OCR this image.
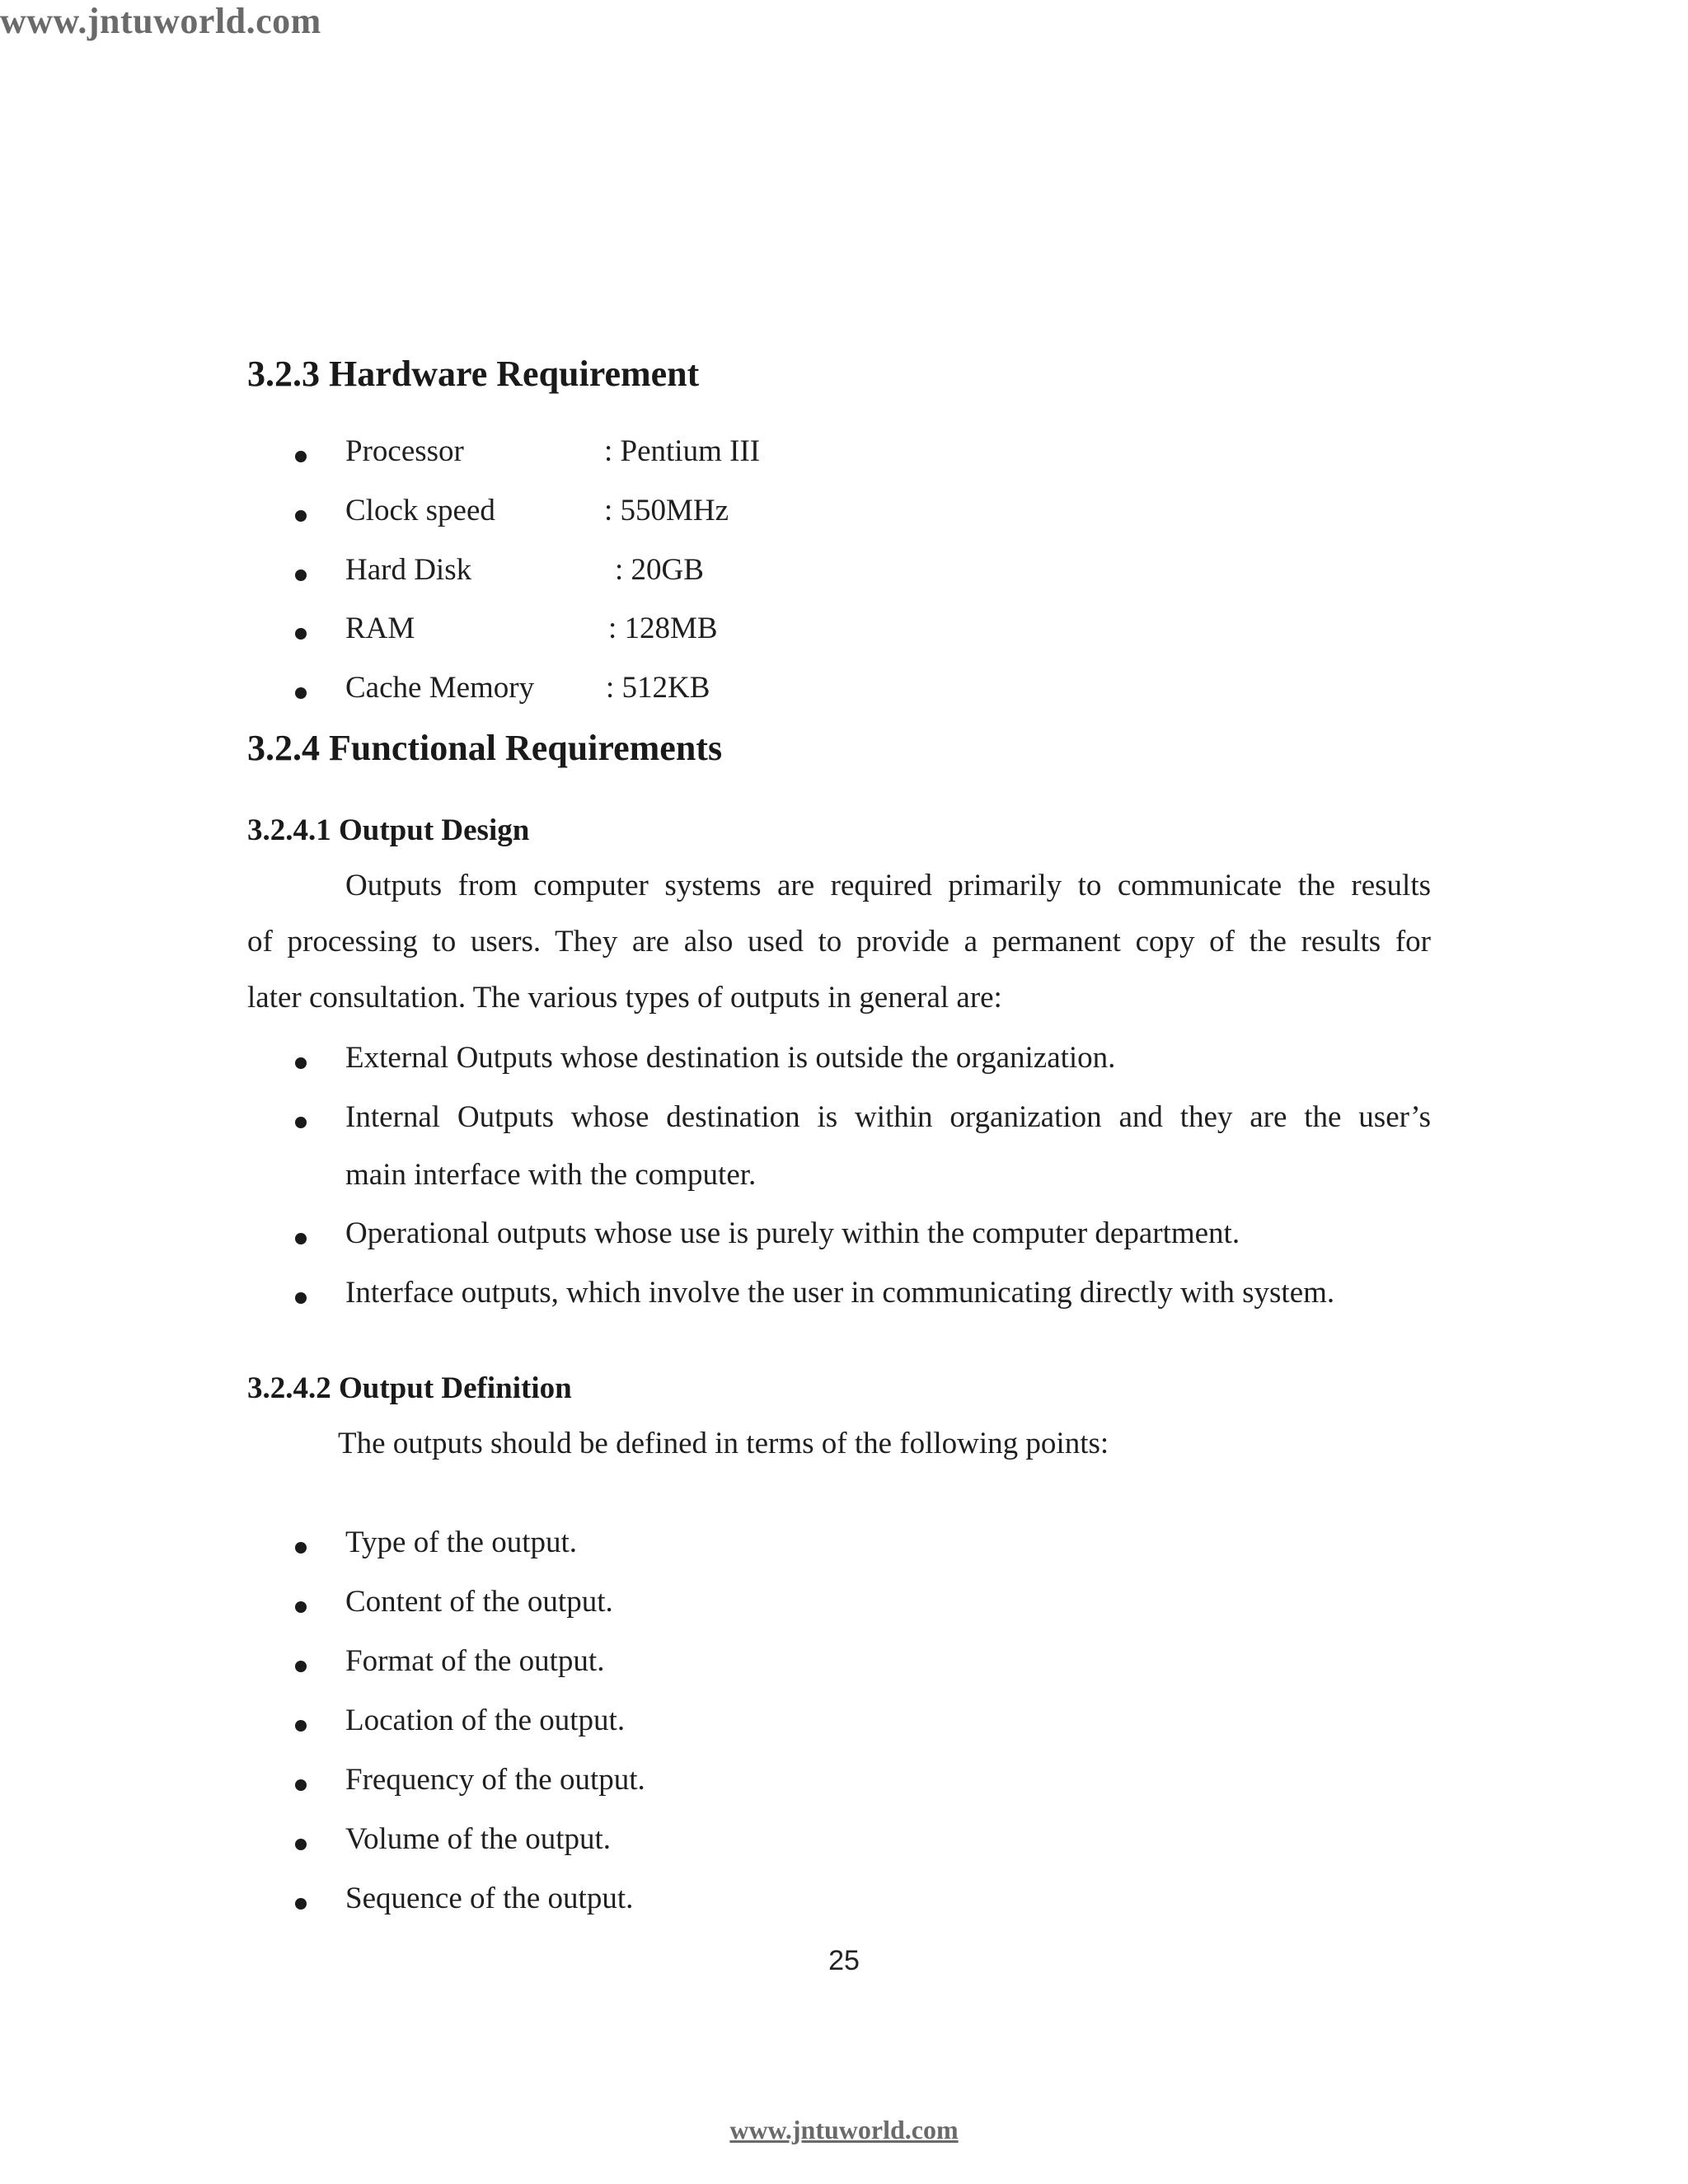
www.jntuworld.com
3.2.3 Hardware Requirement
Processor	: Pentium III
Clock speed	: 550MHz
Hard Disk	: 20GB
RAM	: 128MB
Cache Memory : 512KB
3.2.4 Functional Requirements
3.2.4.1 Output Design
Outputs from computer systems are required primarily to communicate the results
of processing to users. They are also used to provide a permanent copy of the results for
later consultation. The various types of outputs in general are:
External Outputs whose destination is outside the organization.
Internal Outputs whose destination is within organization and they are the user’s
main interface with the computer.
Operational outputs whose use is purely within the computer department.
Interface outputs, which involve the user in communicating directly with system.
3.2.4.2 Output Definition
The outputs should be defined in terms of the following points:
Type of the output.
Content of the output.
Format of the output.
Location of the output.
Frequency of the output.
Volume of the output.
Sequence of the output.
25
www.jntuworld.com
